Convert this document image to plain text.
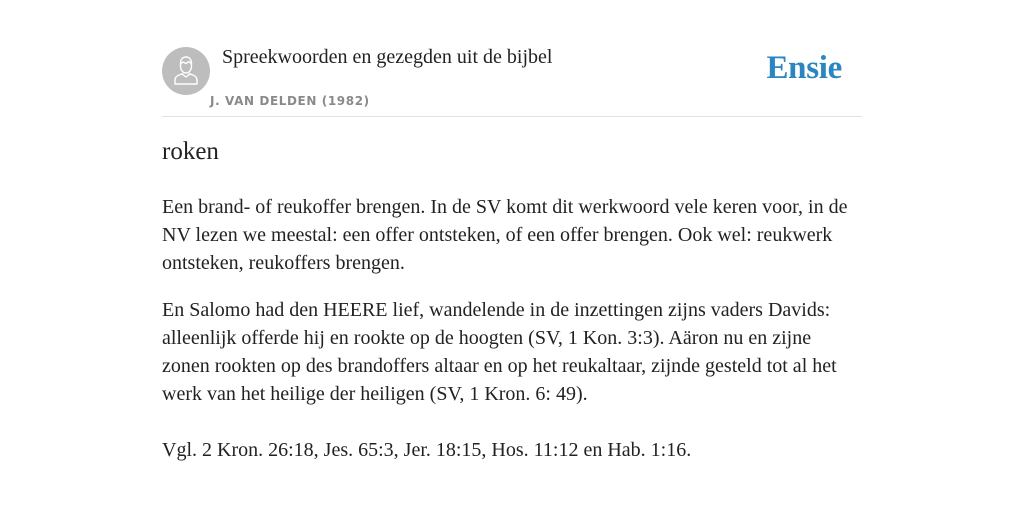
Spreekwoorden en gezegden uit de bijbel
J. VAN DELDEN (1982)
Ensie
roken

Een brand- of reukoffer brengen. In de SV komt dit werkwoord vele keren voor, in de NV lezen we meestal: een offer ontsteken, of een offer brengen. Ook wel: reukwerk ontsteken, reukoffers brengen.

En Salomo had den HEERE lief, wandelende in de inzettingen zijns vaders Davids: alleenlijk offerde hij en rookte op de hoogten (SV, 1 Kon. 3:3). Aäron nu en zijne zonen rookten op des brandoffers altaar en op het reukaltaar, zijnde gesteld tot al het werk van het heilige der heiligen (SV, 1 Kron. 6: 49).

Vgl. 2 Kron. 26:18, Jes. 65:3, Jer. 18:15, Hos. 11:12 en Hab. 1:16.
